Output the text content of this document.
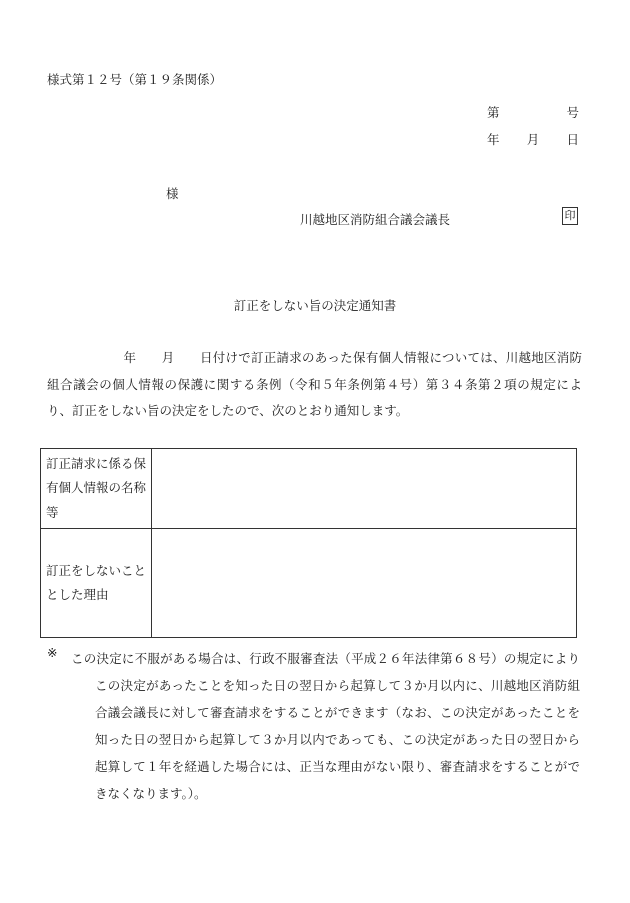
様式第１２号（第１９条関係）
第	号
年 月 日
様
川越地区消防組合議会議長	印
訂正をしない旨の決定通知書
　　　　　　年　　月　　日付けで訂正請求のあった保有個人情報については、川越地区消防組合議会の個人情報の保護に関する条例（令和５年条例第４号）第３４条第２項の規定により、訂正をしない旨の決定をしたので、次のとおり通知します。
訂正請求に係る保有個人情報の名称等	
訂正をしないこととした理由	
※ この決定に不服がある場合は、行政不服審査法（平成２６年法律第６８号）の規定によりこの決定があったことを知った日の翌日から起算して３か月以内に、川越地区消防組合議会議長に対して審査請求をすることができます（なお、この決定があったことを知った日の翌日から起算して３か月以内であっても、この決定があった日の翌日から起算して１年を経過した場合には、正当な理由がない限り、審査請求をすることができなくなります。）。
